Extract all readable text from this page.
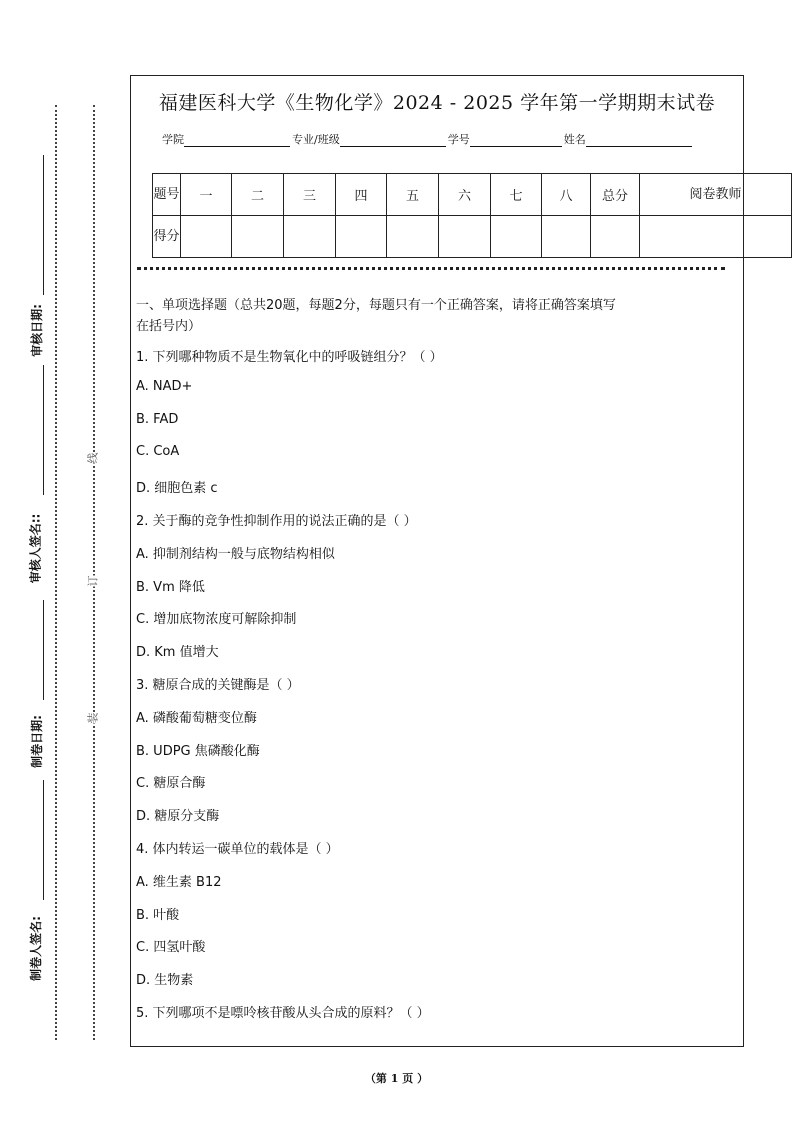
审核日期:
审核人签名::
制卷日期:
制卷人签名:
线
订
装
福建医科大学《生物化学》2024 - 2025 学年第一学期期末试卷
学院	专业/班级	学号	姓名
题号	一	二	三	四	五	六	七	八	总分	阅卷教师
得分										
一、单项选择题（总共20题，每题2分，每题只有一个正确答案，请将正确答案填写
在括号内）
1. 下列哪种物质不是生物氧化中的呼吸链组分？（ ）
A. NAD+
B. FAD
C. CoA
D. 细胞色素 c
2. 关于酶的竞争性抑制作用的说法正确的是（ ）
A. 抑制剂结构一般与底物结构相似
B. Vm 降低
C. 增加底物浓度可解除抑制
D. Km 值增大
3. 糖原合成的关键酶是（ ）
A. 磷酸葡萄糖变位酶
B. UDPG 焦磷酸化酶
C. 糖原合酶
D. 糖原分支酶
4. 体内转运一碳单位的载体是（ ）
A. 维生素 B12
B. 叶酸
C. 四氢叶酸
D. 生物素
5. 下列哪项不是嘌呤核苷酸从头合成的原料？（ ）
（第 1 页 ）
